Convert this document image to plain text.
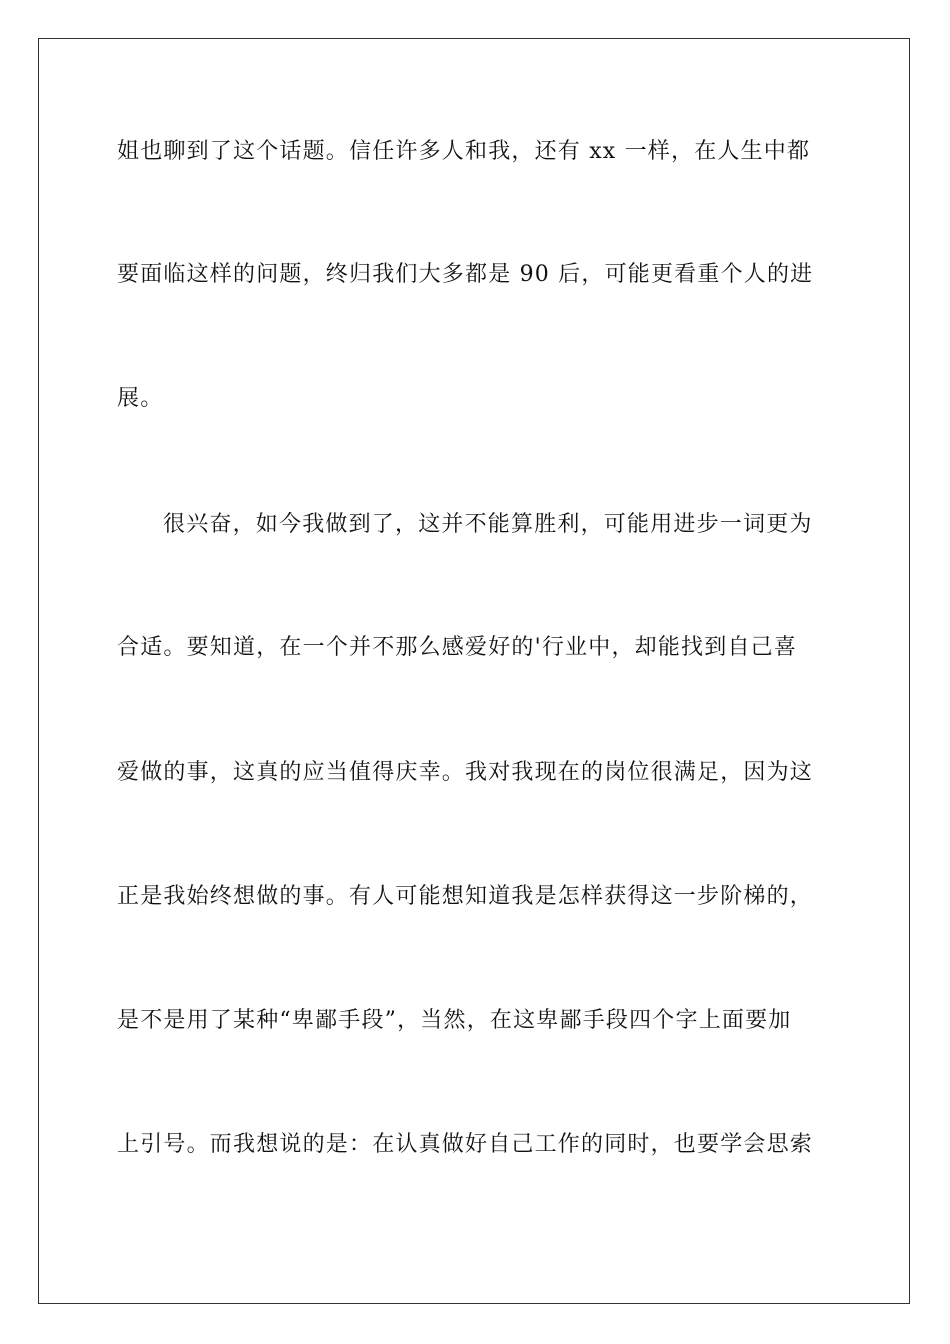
姐也聊到了这个话题。信任许多人和我，还有 xx 一样，在人生中都
要面临这样的问题，终归我们大多都是 90 后，可能更看重个人的进
展。
很兴奋，如今我做到了，这并不能算胜利，可能用进步一词更为
合适。要知道，在一个并不那么感爱好的'行业中，却能找到自己喜
爱做的事，这真的应当值得庆幸。我对我现在的岗位很满足，因为这
正是我始终想做的事。有人可能想知道我是怎样获得这一步阶梯的，
是不是用了某种“卑鄙手段”，当然，在这卑鄙手段四个字上面要加
上引号。而我想说的是：在认真做好自己工作的同时，也要学会思索
